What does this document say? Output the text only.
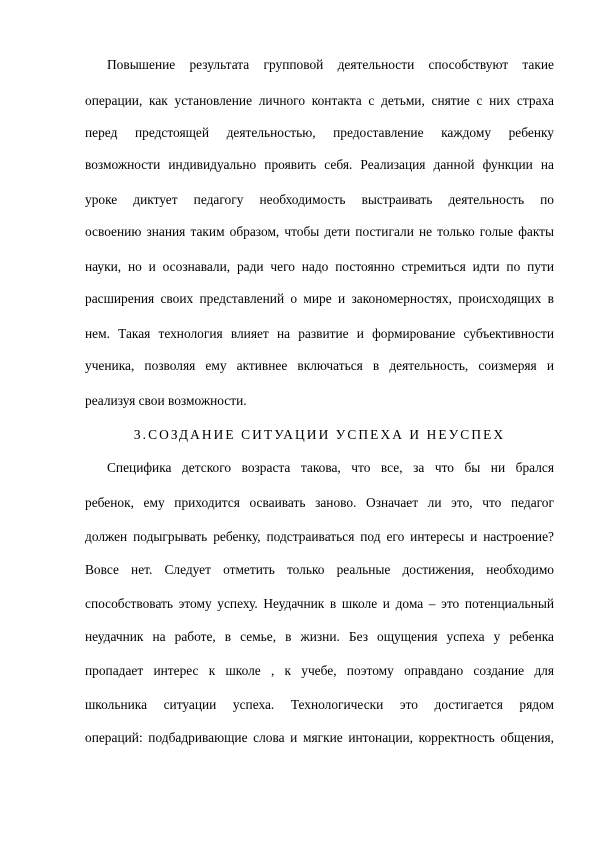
Повышение результата групповой деятельности способствуют такие
операции, как установление личного контакта с детьми, снятие с них страха
перед предстоящей деятельностью, предоставление каждому ребенку
возможности индивидуально проявить себя. Реализация данной функции на
уроке диктует педагогу необходимость выстраивать деятельность по
освоению знания таким образом, чтобы дети постигали не только голые факты
науки, но и осознавали, ради чего надо постоянно стремиться идти по пути
расширения своих представлений о мире и закономерностях, происходящих в
нем. Такая технология влияет на развитие и формирование субъективности
ученика, позволяя ему активнее включаться в деятельность, соизмеряя и
реализуя свои возможности.
3.СОЗДАНИЕ СИТУАЦИИ УСПЕХА И НЕУСПЕХ
Специфика детского возраста такова, что все, за что бы ни брался
ребенок, ему приходится осваивать заново. Означает ли это, что педагог
должен подыгрывать ребенку, подстраиваться под его интересы и настроение?
Вовсе нет. Следует отметить только реальные достижения, необходимо
способствовать этому успеху. Неудачник в школе и дома – это потенциальный
неудачник на работе, в семье, в жизни. Без ощущения успеха у ребенка
пропадает интерес к школе , к учебе, поэтому оправдано создание для
школьника ситуации успеха. Технологически это достигается рядом
операций: подбадривающие слова и мягкие интонации, корректность общения,
